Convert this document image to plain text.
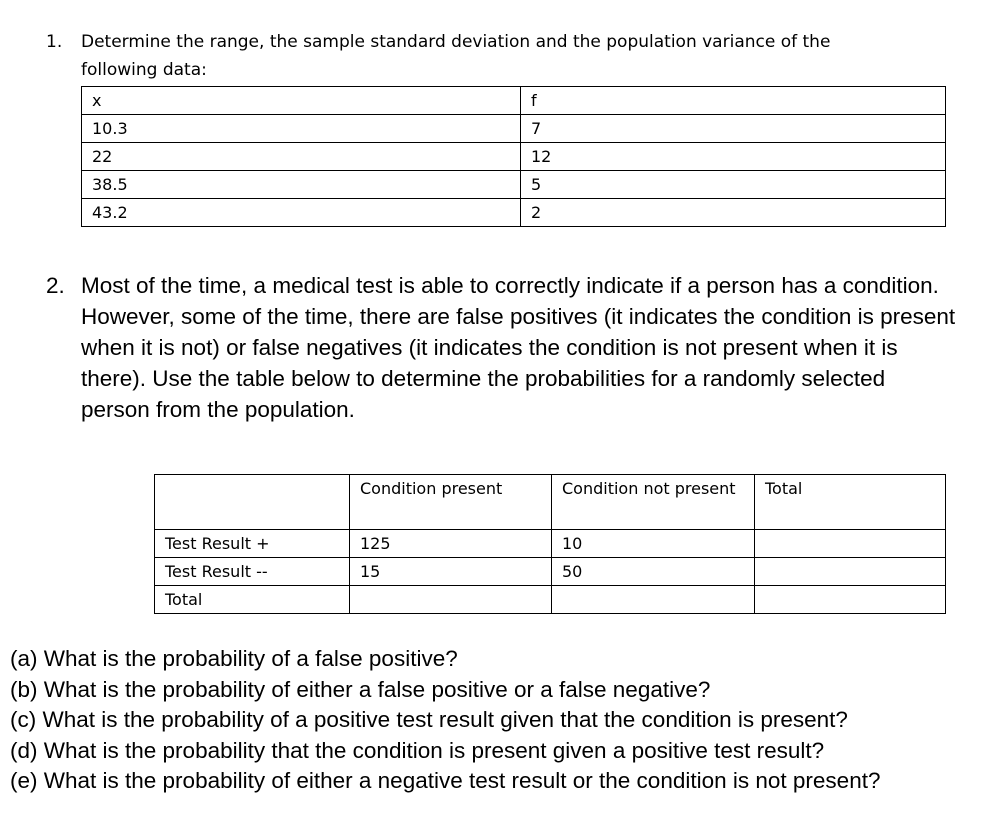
1. Determine the range, the sample standard deviation and the population variance of the following data:
x	f
10.3	7
22	12
38.5	5
43.2	2
2. Most of the time, a medical test is able to correctly indicate if a person has a condition. However, some of the time, there are false positives (it indicates the condition is present when it is not) or false negatives (it indicates the condition is not present when it is there). Use the table below to determine the probabilities for a randomly selected person from the population.
	Condition present	Condition not present	Total
Test Result +	125	10	
Test Result --	15	50	
Total			
(a) What is the probability of a false positive?
(b) What is the probability of either a false positive or a false negative?
(c) What is the probability of a positive test result given that the condition is present?
(d) What is the probability that the condition is present given a positive test result?
(e) What is the probability of either a negative test result or the condition is not present?
